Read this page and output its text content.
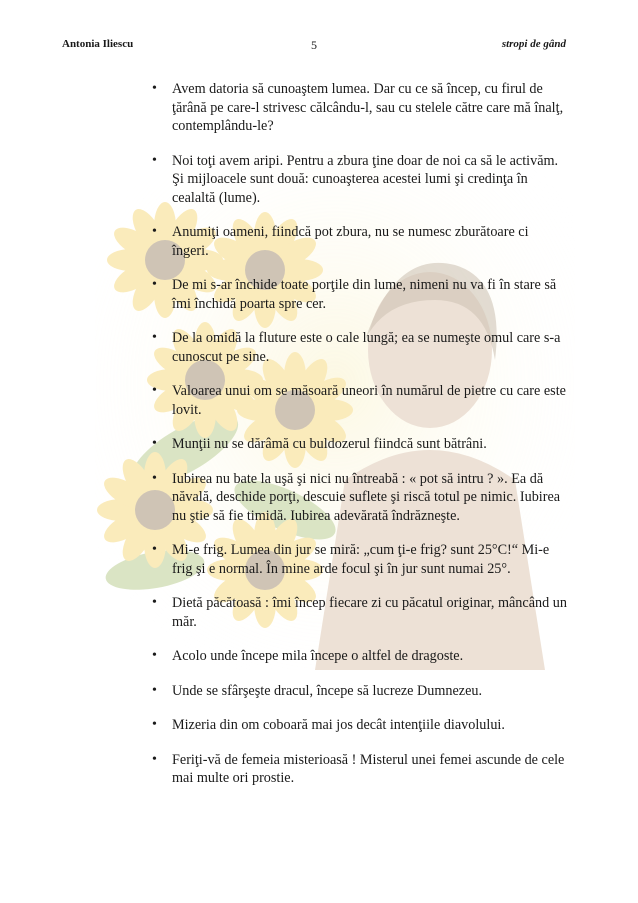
Antonia Iliescu	5	stropi de gând
• Avem datoria să cunoaştem lumea. Dar cu ce să încep, cu firul de ţărână pe care-l strivesc călcându-l, sau cu stelele către care mă înalţ, contemplându-le?
• Noi toţi avem aripi. Pentru a zbura ţine doar de noi ca să le activăm. Şi mijloacele sunt două: cunoaşterea acestei lumi şi credinţa în cealaltă (lume).
• Anumiţi oameni, fiindcă pot zbura, nu se numesc zburătoare ci îngeri.
• De mi s-ar închide toate porţile din lume, nimeni nu va fi în stare să îmi închidă poarta spre cer.
• De la omidă la fluture este o cale lungă; ea se numeşte omul care s-a cunoscut pe sine.
• Valoarea unui om se măsoară uneori în numărul de pietre cu care este lovit.
• Munţii nu se dărâmă cu buldozerul fiindcă sunt bătrâni.
• Iubirea nu bate la uşă şi nici nu întreabă : « pot să intru ? ». Ea dă năvală, deschide porţi, descuie suflete şi riscă totul pe nimic. Iubirea nu ştie să fie timidă. Iubirea adevărată îndrăzneşte.
• Mi-e frig. Lumea din jur se miră: „cum ţi-e frig? sunt 25°C!“ Mi-e frig şi e normal. În mine arde focul şi în jur sunt numai 25°.
• Dietă păcătoasă : îmi încep fiecare zi cu păcatul originar, mâncând un măr.
• Acolo unde începe mila începe o altfel de dragoste.
• Unde se sfârşeşte dracul, începe să lucreze Dumnezeu.
• Mizeria din om coboară mai jos decât intenţiile diavolului.
• Feriţi-vă de femeia misterioasă ! Misterul unei femei ascunde de cele mai multe ori prostie.
